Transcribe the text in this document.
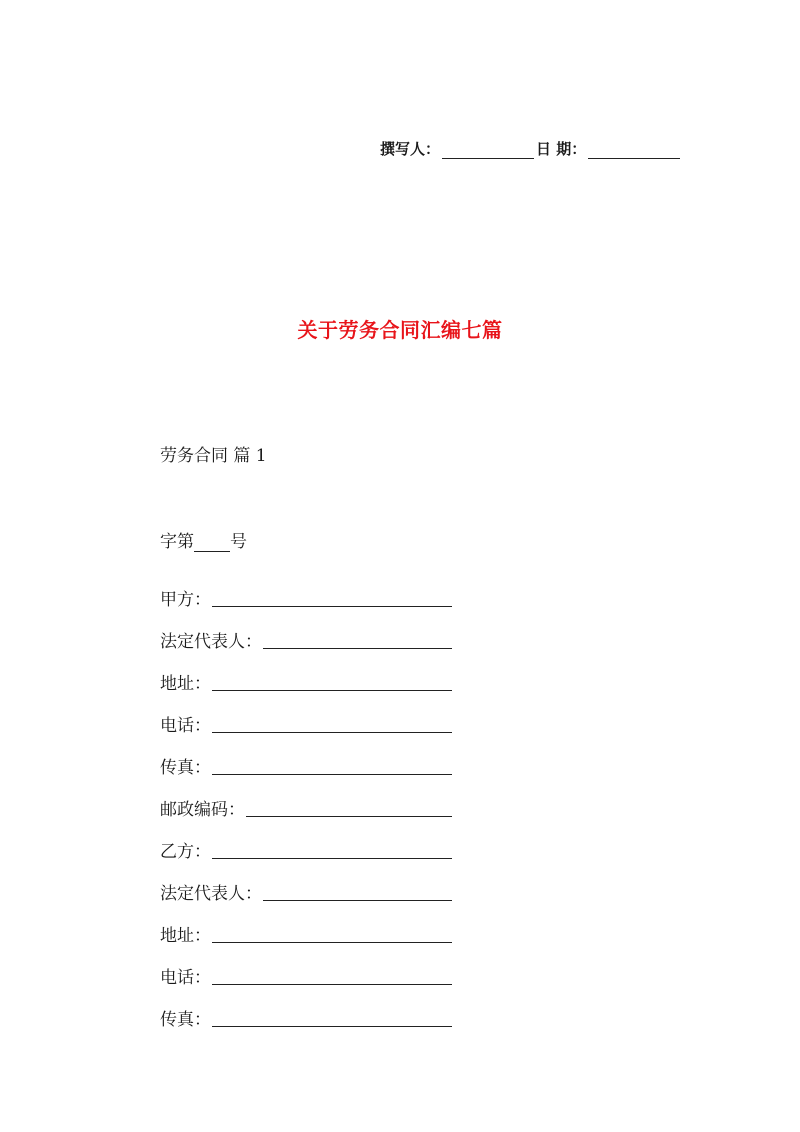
撰写人：	日 期：
关于劳务合同汇编七篇
劳务合同 篇 1
字第 号
甲方：
法定代表人：
地址：
电话：
传真：
邮政编码：
乙方：
法定代表人：
地址：
电话：
传真：
